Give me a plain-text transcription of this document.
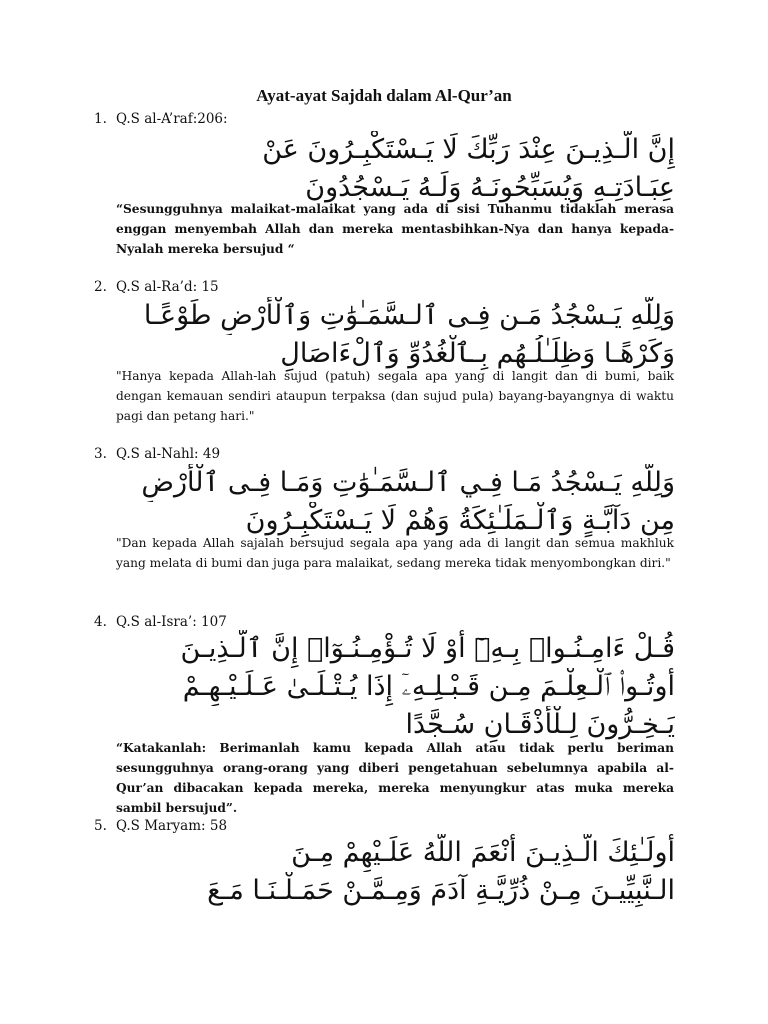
Ayat-ayat Sajdah dalam Al-Qur’an
1. Q.S al-A’raf:206:
إِنَّ الَّـذِيـنَ عِنْدَ رَبِّكَ لَا يَـسْتَكْبِـرُونَ عَنْ
عِبَـادَتِـهِ وَيُسَبِّحُونَـهُ وَلَـهُ يَـسْجُدُونَ
“Sesungguhnya malaikat-malaikat yang ada di sisi Tuhanmu tidaklah merasa enggan menyembah Allah dan mereka mentasbihkan-Nya dan hanya kepada-Nyalah mereka bersujud “
2. Q.S al-Ra’d: 15
وَلِلَّهِ يَـسْجُدُ مَـن فِـى ٱلـسَّمَـٰوَٰتِ وَٱلْأَرْضِ طَوْعًـا
وَكَرْهًـا وَظِلَـٰلُـهُم بِـٱلْغُدُوِّ وَٱلْءَاصَالِ
"Hanya kepada Allah-lah sujud (patuh) segala apa yang di langit dan di bumi, baik dengan kemauan sendiri ataupun terpaksa (dan sujud pula) bayang-bayangnya di waktu pagi dan petang hari."
3. Q.S al-Nahl: 49
وَلِلَّهِ يَـسْجُدُ مَـا فِـي ٱلـسَّمَـٰوَٰتِ وَمَـا فِـى ٱلْأَرْضِ
مِن دَآبَّـةٍ وَٱلْـمَلَـٰئِكَةُ وَهُمْ لَا يَـسْتَكْبِـرُونَ
"Dan kepada Allah sajalah bersujud segala apa yang ada di langit dan semua makhluk yang melata di bumi dan juga para malaikat, sedang mereka tidak menyombongkan diri."
4. Q.S al-Isra’: 107
قُـلْ ءَامِـنُـوا۟ بِـهِۦٓ أَوْ لَا تُـؤْمِـنُـوٓا۟ إِنَّ ٱلَّـذِيـنَ
أُوتُـوا۟ ٱلْـعِلْـمَ مِـن قَـبْـلِـهِۦٓ إِذَا يُـتْـلَـىٰ عَـلَـيْـهِـمْ
يَـخِـرُّونَ لِـلْأَذْقَـانِ سُـجَّدًا
“Katakanlah: Berimanlah kamu kepada Allah atau tidak perlu beriman sesungguhnya orang-orang yang diberi pengetahuan sebelumnya apabila al-Qur’an dibacakan kepada mereka, mereka menyungkur atas muka mereka sambil bersujud”.
5. Q.S Maryam: 58
أُولَـٰئِكَ الَّـذِيـنَ أَنْعَمَ اللَّهُ عَلَـيْهِمْ مِـنَ
الـنَّبِيِّيـنَ مِـنْ ذُرِّيَّـةِ آدَمَ وَمِـمَّـنْ حَمَـلْـنَـا مَـعَ
